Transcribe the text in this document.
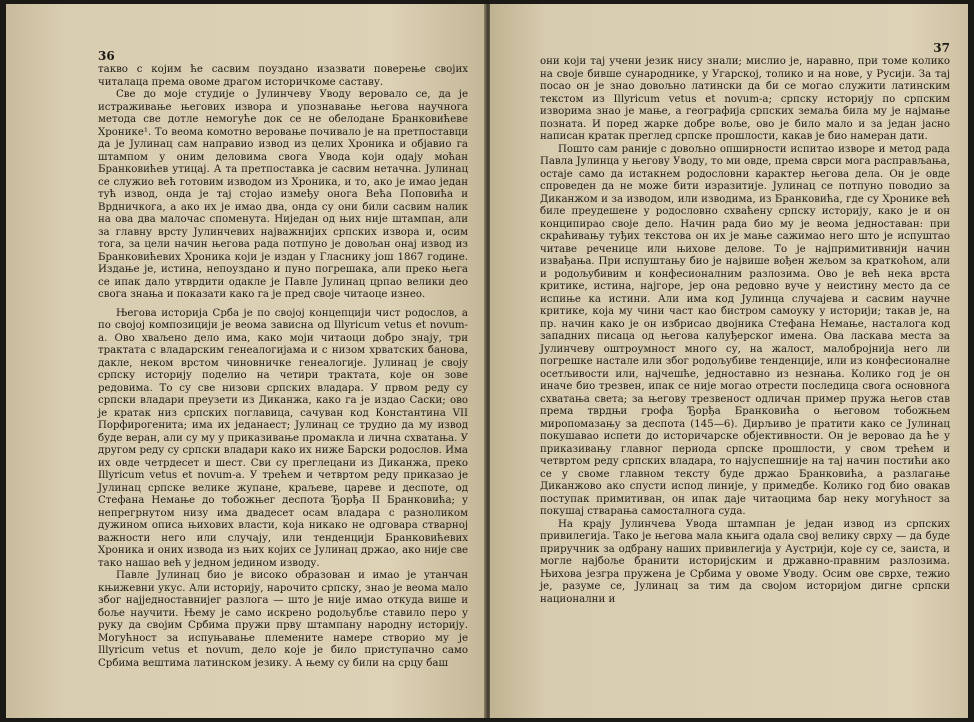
36

такво с којим ће сасвим поуздано изазвати поверење својих читалаца према овоме драгом историчкоме саставу.

Све до моје студије о Јулинчеву Уводу веровало се, да је истраживање његових извора и упознавање његова научнога метода све дотле немогуће док се не обелодане Бранковићеве Хронике¹. То веома комотно веровање почивало је на претпоставци да је Јулинац сам направио извод из целих Хроника и објавио га штампом у оним деловима свога Увода који одају моћан Бранковићев утицај. А та претпоставка је сасвим нетачна. Јулинац се служио већ готовим изводом из Хроника, и то, ако је имао један тућ извод, онда је тај стојао између онога Већа Поповића и Врдничкога, а ако их је имао два, онда су они били сасвим налик на ова два малочас споменута. Ниједан од њих није штампан, али за главну врсту Јулинчевих најважнијих српских извора и, осим тога, за цели начин његова рада потпуно је довољан онај извод из Бранковићевих Хроника који је издан у Гласнику још 1867 године. Издање је, истина, непоуздано и пуно погрешака, али преко њега се ипак дало утврдити одакле је Павле Јулинац црпао велики део свога знања и показати како га је пред своје читаоце изнео.

Његова историја Срба је по својој концепцији чист родослов, а по својој композицији је веома зависна од Illyricum vetus et novum-а. Ово хваљено дело има, како моји читаоци добро знају, три трактата с владарским генеалогијама и с низом хрватских банова, дакле, неком врстом чиновничке генеалогије. Јулинац је своју српску историју поделио на четири трактата, које он зове редовима. То су све низови српских владара. У првом реду су српски владари преузети из Диканжа, како га је издао Саски; ово је кратак низ српских поглавица, сачуван код Константина VII Порфирогенита; има их једанаест; Јулинац се трудио да му извод буде веран, али су му у приказивање промакла и лична схватања. У другом реду су српски владари како их ниже Барски родослов. Има их овде четрдесет и шест. Сви су преглецани из Диканжа, преко Illyricum vetus et novum-а. У трећем и четвртом реду приказао је Јулинац српске велике жупане, краљеве, цареве и деспоте, од Стефана Немање до тобожњег деспота Ђорђа II Бранковића; у непрегрнутом низу има двадесет осам владара с разноликом дужином описа њихових власти, која никако не одговара стварној важности него или случају, или тенденцији Бранковићевих Хроника и оних извода из њих којих се Јулинац држао, ако није све тако нашао већ у једном једином изводу.

Павле Јулинац био је високо образован и имао је утанчан књижевни укус. Али историју, нарочито српску, знао је веома мало због најједноставнијег разлога — што је није имао откуда више и боље научити. Њему је само искрено родољубље ставило перо у руку да својим Србима пружи прву штампану народну историју. Могућност за испуњавање племените намере створио му је Illyricum vetus et novum, дело које је било приступачно само Србима вештима латинском језику. А њему су били на срцу баш

37

они који тај учени језик нису знали; мислио је, наравно, при томе колико на своје бивше сународнике, у Угарској, толико и на нове, у Русији. За тај посао он је знао довољно латински да би се могао служити латинским текстом из Illyricum vetus et novum-а; српску историју по српским изворима знао је мање, а географија српских земаља била му је најмање позната. И поред жарке добре воље, ово је било мало и за један јасно написан кратак преглед српске прошлости, какав је био намеран дати.

Пошто сам раније с довољно опширности испитао изворе и метод рада Павла Јулинца у његову Уводу, то ми овде, према сврси мога расправљања, остаје само да истакнем родословни карактер његова дела. Он је овде спроведен да не може бити изразитије. Јулинац се потпуно поводио за Диканжом и за изводом, или изводима, из Бранковића, где су Хронике већ биле преудешене у родословно схваћену српску историју, како је и он конципирао своје дело. Начин рада био му је веома једноставан: при скраћивању туђих текстова он их је мање сажимао него што је испуштао читаве реченице или њихове делове. То је најпримитивнији начин извађања. При испуштању био је највише вођен жељом за краткоћом, али и родољубивим и конфесионалним разлозима. Ово је већ нека врста критике, истина, најгоре, јер она редовно вуче у неистину место да се испиње ка истини. Али има код Јулинца случајева и сасвим научне критике, која му чини част као бистром самоуку у историји; такав је, на пр. начин како је он избрисао двојника Стефана Немање, насталога код западних писаца од његова калуђерског имена. Ова ласкава места за Јулинчеву оштроумност много су, на жалост, малобројнија него ли погрешке настале или због родољубиве тенденције, или из конфесионалне осетљивости или, најчешће, једноставно из незнања. Колико год је он иначе био трезвен, ипак се није могао отрести последица свога основнога схватања света; за његову трезвеност одличан пример пружа његов став према тврдњи грофа Ђорђа Бранковића о његовом тобожњем миропомазању за деспота (145—6). Дирљиво је пратити како се Јулинац покушавао испети до историчарске објективности. Он је веровао да ће у приказивању главног периода српске прошлости, у свом трећем и четвртом реду српских владара, то најуспешније на тај начин постићи ако се у своме главном тексту буде држао Бранковића, а разлагање Диканжово ако спусти испод линије, у примедбе. Колико год био овакав поступак примитиван, он ипак даје читаоцима бар неку могућност за покушај стварања самосталнога суда.

На крају Јулинчева Увода штампан је један извод из српских привилегија. Тако је његова мала књига одала свој велику сврху — да буде приручник за одбрану наших привилегија у Аустрији, које су се, заиста, и могле најбоље бранити историјским и државно-правним разлозима. Њихова језгра пружена је Србима у овоме Уводу. Осим ове сврхе, тежио је, разуме се, Јулинац за тим да својом историјом дигне српски национални и
